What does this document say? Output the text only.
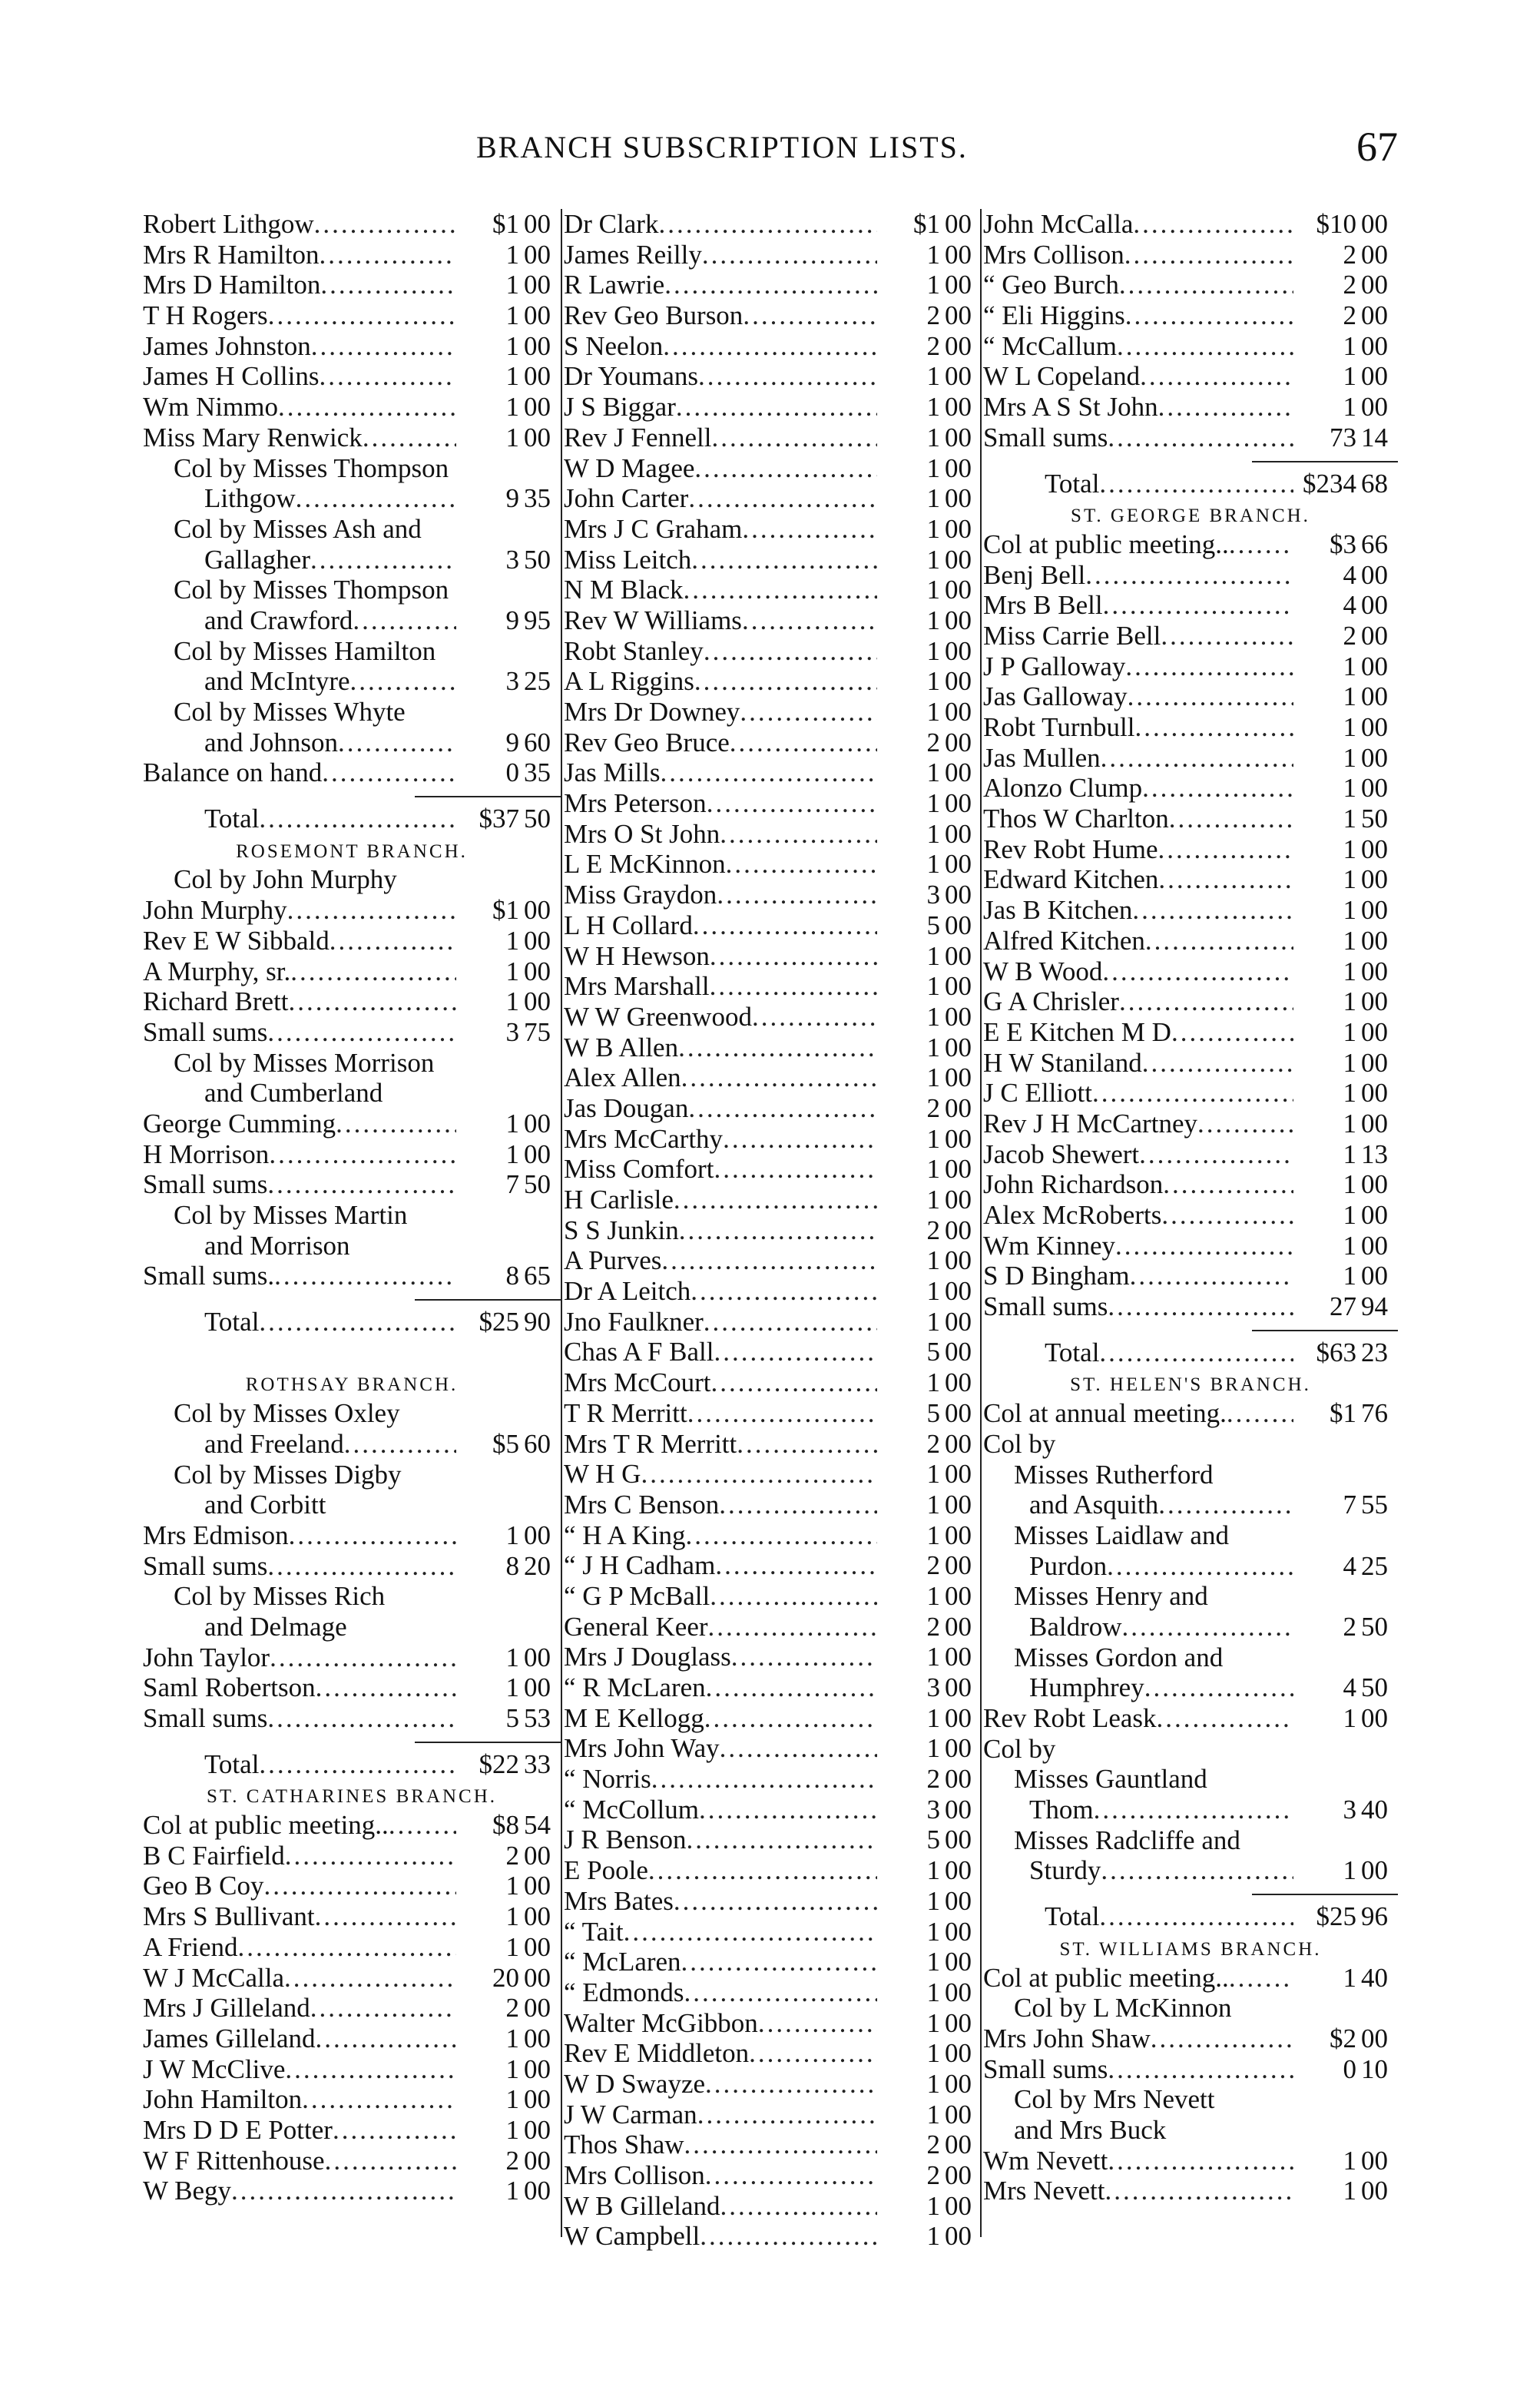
BRANCH SUBSCRIPTION LISTS.	67
Robert Lithgow .....	$1 00
Mrs R Hamilton .....	1 00
Mrs D Hamilton .....	1 00
T H Rogers .....	1 00
James Johnston .....	1 00
James H Collins .....	1 00
Wm Nimmo .....	1 00
Miss Mary Renwick .....	1 00
Col by Misses Thompson
Lithgow .....	9 35
Col by Misses Ash and
Gallagher .....	3 50
Col by Misses Thompson
and Crawford .....	9 95
Col by Misses Hamilton
and McIntyre .....	3 25
Col by Misses Whyte
and Johnson .....	9 60
Balance on hand .....	0 35
Total .....	$37 50
ROSEMONT BRANCH.
Col by John Murphy
John Murphy .....	$1 00
Rev E W Sibbald .....	1 00
A Murphy, sr. .....	1 00
Richard Brett .....	1 00
Small sums .....	3 75
Col by Misses Morrison
and Cumberland
George Cumming .....	1 00
H Morrison .....	1 00
Small sums .....	7 50
Col by Misses Martin
and Morrison
Small sums. .....	8 65
Total .....	$25 90
ROTHSAY BRANCH.
Col by Misses Oxley
and Freeland .....	$5 60
Col by Misses Digby
and Corbitt
Mrs Edmison .....	1 00
Small sums .....	8 20
Col by Misses Rich
and Delmage
John Taylor .....	1 00
Saml Robertson .....	1 00
Small sums .....	5 53
Total .....	$22 33
ST. CATHARINES BRANCH.
Col at public meeting.. .....	$8 54
B C Fairfield .....	2 00
Geo B Coy .....	1 00
Mrs S Bullivant .....	1 00
A Friend .....	1 00
W J McCalla .....	20 00
Mrs J Gilleland .....	2 00
James Gilleland .....	1 00
J W McClive .....	1 00
John Hamilton .....	1 00
Mrs D D E Potter .....	1 00
W F Rittenhouse .....	2 00
W Begy .....	1 00
Dr Clark .....	$1 00
James Reilly .....	1 00
R Lawrie .....	1 00
Rev Geo Burson .....	2 00
S Neelon .....	2 00
Dr Youmans .....	1 00
J S Biggar .....	1 00
Rev J Fennell .....	1 00
W D Magee .....	1 00
John Carter .....	1 00
Mrs J C Graham .....	1 00
Miss Leitch .....	1 00
N M Black .....	1 00
Rev W Williams .....	1 00
Robt Stanley .....	1 00
A L Riggins .....	1 00
Mrs Dr Downey .....	1 00
Rev Geo Bruce .....	2 00
Jas Mills .....	1 00
Mrs Peterson .....	1 00
Mrs O St John .....	1 00
L E McKinnon .....	1 00
Miss Graydon .....	3 00
L H Collard .....	5 00
W H Hewson .....	1 00
Mrs Marshall .....	1 00
W W Greenwood .....	1 00
W B Allen .....	1 00
Alex Allen .....	1 00
Jas Dougan .....	2 00
Mrs McCarthy .....	1 00
Miss Comfort .....	1 00
H Carlisle .....	1 00
S S Junkin .....	2 00
A Purves .....	1 00
Dr A Leitch .....	1 00
Jno Faulkner .....	1 00
Chas A F Ball .....	5 00
Mrs McCourt .....	1 00
T R Merritt .....	5 00
Mrs T R Merritt .....	2 00
W H G .....	1 00
Mrs C Benson .....	1 00
“ H A King .....	1 00
“ J H Cadham .....	2 00
“ G P McBall .....	1 00
General Keer .....	2 00
Mrs J Douglass .....	1 00
“ R McLaren .....	3 00
M E Kellogg .....	1 00
Mrs John Way .....	1 00
“ Norris .....	2 00
“ McCollum .....	3 00
J R Benson .....	5 00
E Poole .....	1 00
Mrs Bates .....	1 00
“ Tait .....	1 00
“ McLaren .....	1 00
“ Edmonds .....	1 00
Walter McGibbon .....	1 00
Rev E Middleton .....	1 00
W D Swayze .....	1 00
J W Carman .....	1 00
Thos Shaw .....	2 00
Mrs Collison .....	2 00
W B Gilleland .....	1 00
W Campbell .....	1 00
John McCalla .....	$10 00
Mrs Collison .....	2 00
“ Geo Burch .....	2 00
“ Eli Higgins .....	2 00
“ McCallum .....	1 00
W L Copeland .....	1 00
Mrs A S St John .....	1 00
Small sums .....	73 14
Total .....	$234 68
ST. GEORGE BRANCH.
Col at public meeting.. .....	$3 66
Benj Bell .....	4 00
Mrs B Bell .....	4 00
Miss Carrie Bell .....	2 00
J P Galloway .....	1 00
Jas Galloway .....	1 00
Robt Turnbull .....	1 00
Jas Mullen .....	1 00
Alonzo Clump .....	1 00
Thos W Charlton .....	1 50
Rev Robt Hume .....	1 00
Edward Kitchen .....	1 00
Jas B Kitchen .....	1 00
Alfred Kitchen .....	1 00
W B Wood .....	1 00
G A Chrisler .....	1 00
E E Kitchen M D .....	1 00
H W Staniland .....	1 00
J C Elliott .....	1 00
Rev J H McCartney .....	1 00
Jacob Shewert .....	1 13
John Richardson .....	1 00
Alex McRoberts .....	1 00
Wm Kinney .....	1 00
S D Bingham .....	1 00
Small sums .....	27 94
Total .....	$63 23
ST. HELEN'S BRANCH.
Col at annual meeting. .....	$1 76
Col by
Misses Rutherford
and Asquith .....	7 55
Misses Laidlaw and
Purdon .....	4 25
Misses Henry and
Baldrow .....	2 50
Misses Gordon and
Humphrey .....	4 50
Rev Robt Leask .....	1 00
Col by
Misses Gauntland
Thom .....	3 40
Misses Radcliffe and
Sturdy .....	1 00
Total .....	$25 96
ST. WILLIAMS BRANCH.
Col at public meeting.. .....	1 40
Col by L McKinnon
Mrs John Shaw .....	$2 00
Small sums .....	0 10
Col by Mrs Nevett
and Mrs Buck
Wm Nevett .....	1 00
Mrs Nevett .....	1 00
